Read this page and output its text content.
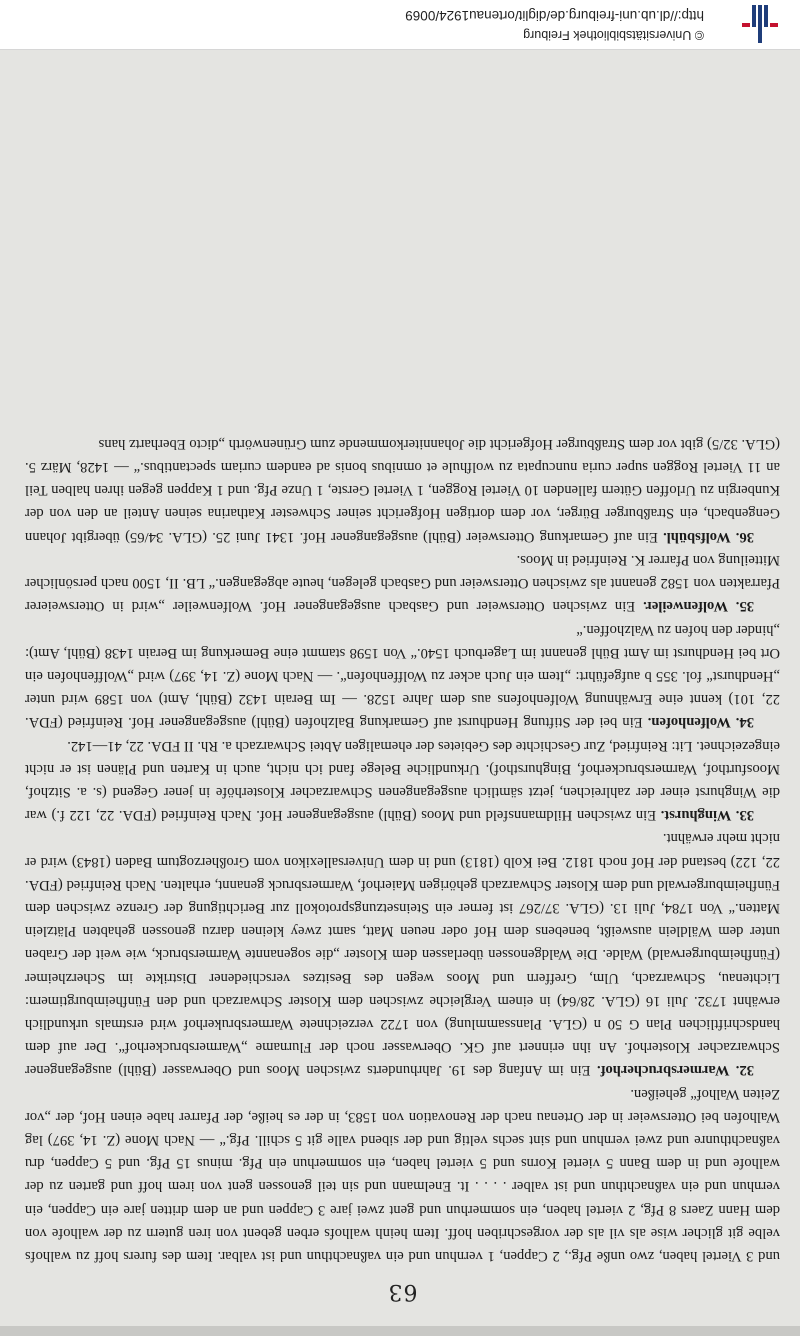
63

und 3 Viertel haben, zwo unße Pfg., 2 Cappen, 1 vernhun und ein vaßnachthun und ist valbar. Item des furers hoff zu walhofs velbe git glicher wise als vil als der vorgeschriben hoff. Item heinh walhofs erben gebent von iren gutern zu der walhofe von dem Hann Zaers 8 Pfg, 2 viertel haben, ein sommerhun und gent zwei jare 3 Cappen und an dem dritten jare ein Cappen, ein vernhun und ein vaßnachthun und ist valber . . . . It. Enelmann und sin teil genossen gent von irem hoff und garten zu der walhofe und in dem Bann 5 viertel Korns und 5 viertel haben, ein sommerhun ein Pfg. minus 15 Pfg. und 5 Cappen, dru vaßnachthunre und zwei vernhun und sint sechs veltig und der sibend valle git 5 schill. Pfg.“ — Nach Mone (Z. 14, 397) lag Walhofen bei Ottersweier in der Ortenau nach der Renovation von 1583, in der es heiße, der Pfarrer habe einen Hof, der „vor Zeiten Walhof“ geheißen.

32. Warmersbrucherhof. Ein im Anfang des 19. Jahrhunderts zwischen Moos und Oberwasser (Bühl) ausgegangener Schwarzacher Klosterhof. An ihn erinnert auf GK. Oberwasser noch der Flurname „Warmersbruckerhof“. Der auf dem handschriftlichen Plan G 50 n (GLA. Planssammlung) von 1722 verzeichnete Warmersbrukerhof wird erstmals urkundlich erwähnt 1732. Juli 16 (GLA. 28/64) in einem Vergleiche zwischen dem Kloster Schwarzach und den Fünfheimburgtimern: Lichtenau, Schwarzach, Ulm, Greffern und Moos wegen des Besitzes verschiedener Distrikte im Scherzheimer (Fünfheimburgerwald) Walde. Die Waldgenossen überlassen dem Kloster „die sogenannte Warmersbruck, wie weit der Graben unter dem Wäldlein ausweißt, benebens dem Hof oder neuen Matt, samt zwey kleinen darzu genossen gehabten Plätzlein Matten.“ Von 1784, Juli 13. (GLA. 37/267 ist ferner ein Steinsetzungsprotokoll zur Berichtigung der Grenze zwischen dem Fünfheimburgerwald und dem Kloster Schwarzach gehörigen Maierhof, Warmersbruck genannt, erhalten. Nach Reinfried (FDA. 22, 122) bestand der Hof noch 1812. Bei Kolb (1813) und in dem Universallexikon vom Großherzogtum Baden (1843) wird er nicht mehr erwähnt.

33. Winghurst. Ein zwischen Hildmannsfeld und Moos (Bühl) ausgegangener Hof. Nach Reinfried (FDA. 22, 122 f.) war die Winghurst einer der zahlreichen, jetzt sämtlich ausgegangenen Schwarzacher Klosterhöfe in jener Gegend (s. a. Sitzhof, Moosfurthof, Warmersbruckerhof, Binghursthof). Urkundliche Belege fand ich nicht, auch in Karten und Plänen ist er nicht eingezeichnet. Lit: Reinfried, Zur Geschichte des Gebietes der ehemaligen Abtei Schwarzach a. Rh. II FDA. 22, 41—142.

34. Wolfenhofen. Ein bei der Stiftung Hendhurst auf Gemarkung Balzhofen (Bühl) ausgegangener Hof. Reinfried (FDA. 22, 101) kennt eine Erwähnung Wolfenhofens aus dem Jahre 1528. — Im Berain 1432 (Bühl, Amt) von 1589 wird unter „Hendhurst“ fol. 355 b aufgeführt: „Item ein Juch acker zu Wolffenhofen“. — Nach Mone (Z. 14, 397) wird „Wolffenhofen ein Ort bei Hendhurst im Amt Bühl genannt im Lagerbuch 1540.“ Von 1598 stammt eine Bemerkung im Berain 1438 (Bühl, Amt): „hinder den hofen zu Walzhoffen.“

35. Wolfenweiler. Ein zwischen Ottersweier und Gasbach ausgegangener Hof. Wolfenweiler „wird in Ottersweierer Pfarrakten von 1582 genannt als zwischen Ottersweier und Gasbach gelegen, heute abgegangen.“ LB. II, 1500 nach persönlicher Mitteilung von Pfarrer K. Reinfried in Moos.

36. Wolfsbühl. Ein auf Gemarkung Ottersweier (Bühl) ausgegangener Hof. 1341 Juni 25. (GLA. 34/65) übergibt Johann Gengenbach, ein Straßburger Bürger, vor dem dortigen Hofgericht seiner Schwester Katharina seinen Anteil an den von der Kunbergin zu Urloffen Gütern fallenden 10 Viertel Roggen, 1 Viertel Gerste, 1 Unze Pfg. und 1 Kappen gegen ihren halben Teil an 11 Viertel Roggen super curia nuncupata zu wolfhule et omnibus bonis ad eandem curiam spectantibus.“ — 1428, März 5. (GLA. 32/5) gibt vor dem Straßburger Hofgericht die Johanniterkommende zum Grünenwörth „dicto Eberhartz hans

© Universitätsbibliothek Freiburg
http://dl.ub.uni-freiburg.de/diglit/ortenau1924/0069
